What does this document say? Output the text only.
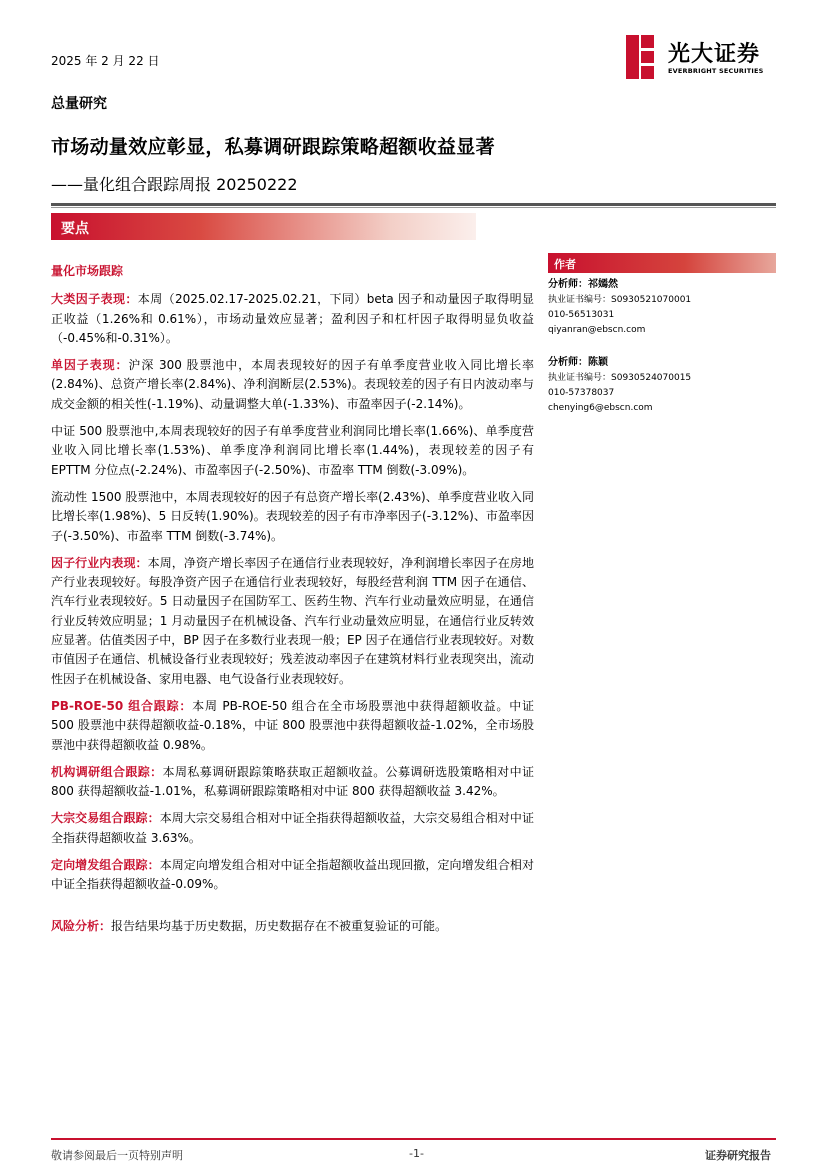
2025 年 2 月 22 日	光大证券
EVERBRIGHT SECURITIES
总量研究
市场动量效应彰显，私募调研跟踪策略超额收益显著
——量化组合跟踪周报 20250222
要点
量化市场跟踪

大类因子表现：本周（2025.02.17-2025.02.21，下同）beta 因子和动量因子取得明显正收益（1.26%和 0.61%），市场动量效应显著；盈利因子和杠杆因子取得明显负收益（-0.45%和-0.31%）。

单因子表现：沪深 300 股票池中，本周表现较好的因子有单季度营业收入同比增长率(2.84%)、总资产增长率(2.84%)、净利润断层(2.53%)。表现较差的因子有日内波动率与成交金额的相关性(-1.19%)、动量调整大单(-1.33%)、市盈率因子(-2.14%)。

中证 500 股票池中,本周表现较好的因子有单季度营业利润同比增长率(1.66%)、单季度营业收入同比增长率(1.53%)、单季度净利润同比增长率(1.44%)，表现较差的因子有 EPTTM 分位点(-2.24%)、市盈率因子(-2.50%)、市盈率 TTM 倒数(-3.09%)。

流动性 1500 股票池中，本周表现较好的因子有总资产增长率(2.43%)、单季度营业收入同比增长率(1.98%)、5 日反转(1.90%)。表现较差的因子有市净率因子(-3.12%)、市盈率因子(-3.50%)、市盈率 TTM 倒数(-3.74%)。

因子行业内表现：本周，净资产增长率因子在通信行业表现较好，净利润增长率因子在房地产行业表现较好。每股净资产因子在通信行业表现较好，每股经营利润 TTM 因子在通信、汽车行业表现较好。5 日动量因子在国防军工、医药生物、汽车行业动量效应明显，在通信行业反转效应明显；1 月动量因子在机械设备、汽车行业动量效应明显，在通信行业反转效应显著。估值类因子中，BP 因子在多数行业表现一般；EP 因子在通信行业表现较好。对数市值因子在通信、机械设备行业表现较好；残差波动率因子在建筑材料行业表现突出，流动性因子在机械设备、家用电器、电气设备行业表现较好。

PB-ROE-50 组合跟踪：本周 PB-ROE-50 组合在全市场股票池中获得超额收益。中证 500 股票池中获得超额收益-0.18%，中证 800 股票池中获得超额收益-1.02%，全市场股票池中获得超额收益 0.98%。

机构调研组合跟踪：本周私募调研跟踪策略获取正超额收益。公募调研选股策略相对中证 800 获得超额收益-1.01%，私募调研跟踪策略相对中证 800 获得超额收益 3.42%。

大宗交易组合跟踪：本周大宗交易组合相对中证全指获得超额收益，大宗交易组合相对中证全指获得超额收益 3.63%。

定向增发组合跟踪：本周定向增发组合相对中证全指超额收益出现回撤，定向增发组合相对中证全指获得超额收益-0.09%。

风险分析：报告结果均基于历史数据，历史数据存在不被重复验证的可能。

作者
分析师：祁嫣然
执业证书编号：S0930521070001
010-56513031
qiyanran@ebscn.com
分析师：陈颖
执业证书编号：S0930524070015
010-57378037
chenying6@ebscn.com
敬请参阅最后一页特别声明	-1-	证券研究报告
